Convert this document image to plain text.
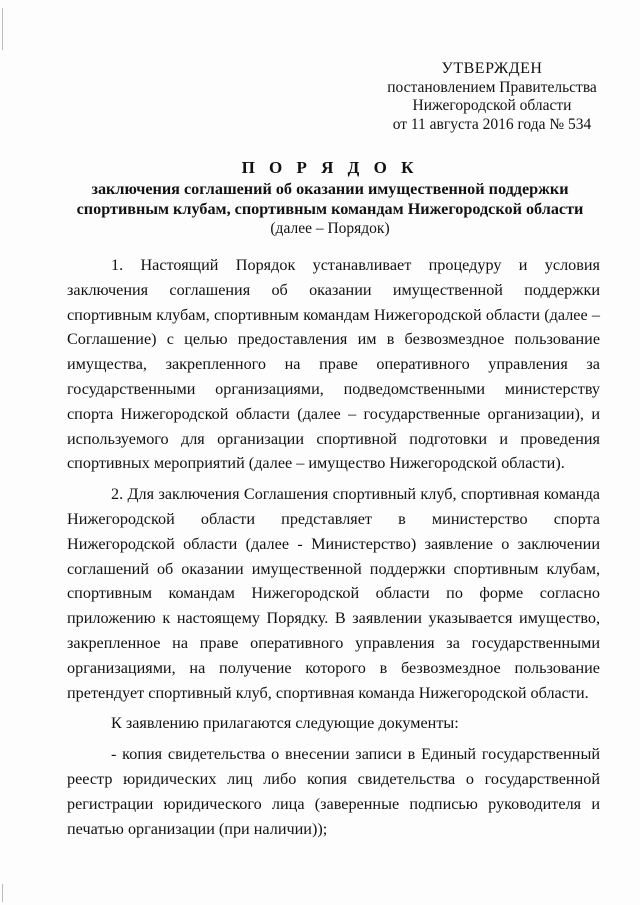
УТВЕРЖДЕН
постановлением Правительства
Нижегородской области
от 11 августа 2016 года № 534
П О Р Я Д О К
заключения соглашений об оказании имущественной поддержки
спортивным клубам, спортивным командам Нижегородской области
(далее – Порядок)

1. Настоящий Порядок устанавливает процедуру и условия заключения соглашения об оказании имущественной поддержки спортивным клубам, спортивным командам Нижегородской области (далее – Соглашение) с целью предоставления им в безвозмездное пользование имущества, закрепленного на праве оперативного управления за государственными организациями, подведомственными министерству спорта Нижегородской области (далее – государственные организации), и используемого для организации спортивной подготовки и проведения спортивных мероприятий (далее – имущество Нижегородской области).

2. Для заключения Соглашения спортивный клуб, спортивная команда Нижегородской области представляет в министерство спорта Нижегородской области (далее - Министерство) заявление о заключении соглашений об оказании имущественной поддержки спортивным клубам, спортивным командам Нижегородской области по форме согласно приложению к настоящему Порядку. В заявлении указывается имущество, закрепленное на праве оперативного управления за государственными организациями, на получение которого в безвозмездное пользование претендует спортивный клуб, спортивная команда Нижегородской области.

К заявлению прилагаются следующие документы:

- копия свидетельства о внесении записи в Единый государственный реестр юридических лиц либо копия свидетельства о государственной регистрации юридического лица (заверенные подписью руководителя и печатью организации (при наличии));
